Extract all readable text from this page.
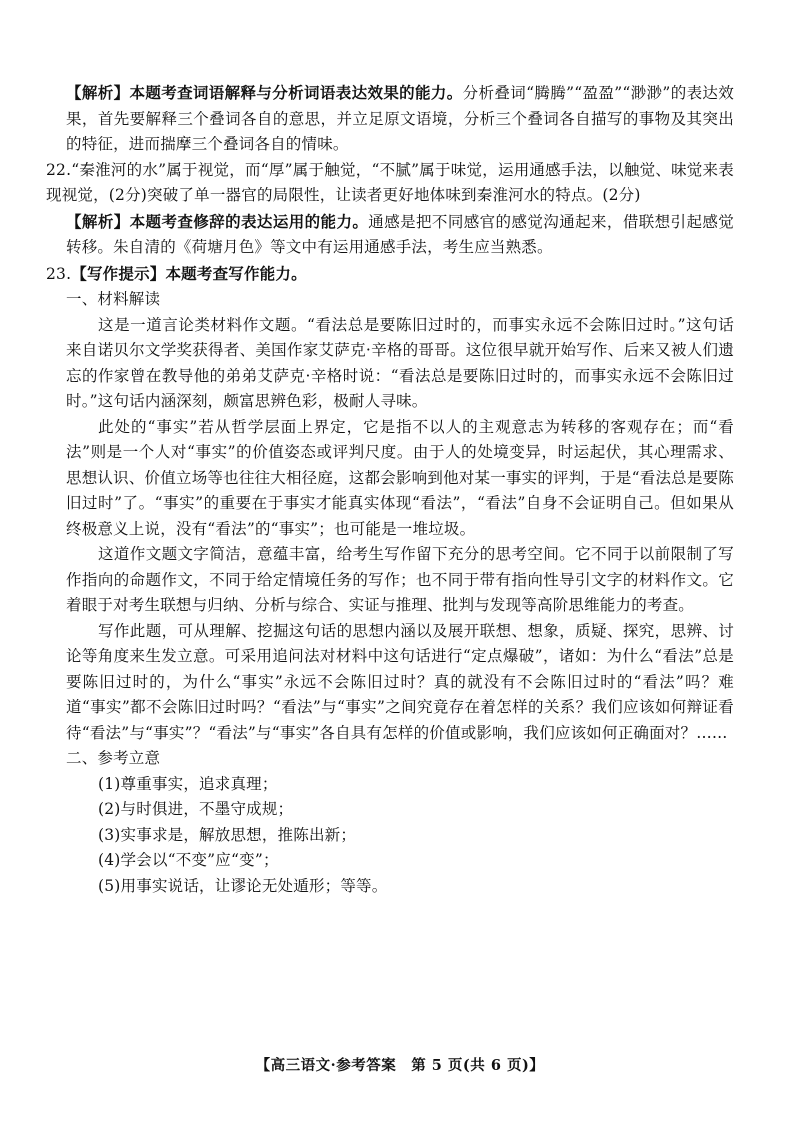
【解析】本题考查词语解释与分析词语表达效果的能力。分析叠词“腾腾”“盈盈”“渺渺”的表达效果，首先要解释三个叠词各自的意思，并立足原文语境，分析三个叠词各自描写的事物及其突出的特征，进而揣摩三个叠词各自的情味。

22.“秦淮河的水”属于视觉，而“厚”属于触觉，“不腻”属于味觉，运用通感手法，以触觉、味觉来表现视觉，(2分)突破了单一器官的局限性，让读者更好地体味到秦淮河水的特点。(2分)

【解析】本题考查修辞的表达运用的能力。通感是把不同感官的感觉沟通起来，借联想引起感觉转移。朱自清的《荷塘月色》等文中有运用通感手法，考生应当熟悉。

23.【写作提示】本题考查写作能力。

一、材料解读

这是一道言论类材料作文题。“看法总是要陈旧过时的，而事实永远不会陈旧过时。”这句话来自诺贝尔文学奖获得者、美国作家艾萨克·辛格的哥哥。这位很早就开始写作、后来又被人们遗忘的作家曾在教导他的弟弟艾萨克·辛格时说：“看法总是要陈旧过时的，而事实永远不会陈旧过时。”这句话内涵深刻，颇富思辨色彩，极耐人寻味。

此处的“事实”若从哲学层面上界定，它是指不以人的主观意志为转移的客观存在；而“看法”则是一个人对“事实”的价值姿态或评判尺度。由于人的处境变异，时运起伏，其心理需求、思想认识、价值立场等也往往大相径庭，这都会影响到他对某一事实的评判，于是“看法总是要陈旧过时”了。“事实”的重要在于事实才能真实体现“看法”，“看法”自身不会证明自己。但如果从终极意义上说，没有“看法”的“事实”；也可能是一堆垃圾。

这道作文题文字简洁，意蕴丰富，给考生写作留下充分的思考空间。它不同于以前限制了写作指向的命题作文，不同于给定情境任务的写作；也不同于带有指向性导引文字的材料作文。它着眼于对考生联想与归纳、分析与综合、实证与推理、批判与发现等高阶思维能力的考查。

写作此题，可从理解、挖掘这句话的思想内涵以及展开联想、想象，质疑、探究，思辨、讨论等角度来生发立意。可采用追问法对材料中这句话进行“定点爆破”，诸如：为什么“看法”总是要陈旧过时的，为什么“事实”永远不会陈旧过时？真的就没有不会陈旧过时的“看法”吗？难道“事实”都不会陈旧过时吗？“看法”与“事实”之间究竟存在着怎样的关系？我们应该如何辩证看待“看法”与“事实”？“看法”与“事实”各自具有怎样的价值或影响，我们应该如何正确面对？……

二、参考立意

(1)尊重事实，追求真理；

(2)与时俱进，不墨守成规；

(3)实事求是，解放思想，推陈出新；

(4)学会以“不变”应“变”；

(5)用事实说话，让谬论无处遁形；等等。

【高三语文·参考答案　第 5 页(共 6 页)】
